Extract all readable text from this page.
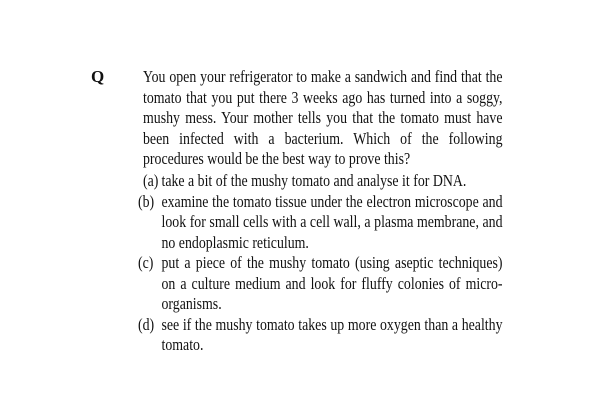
Q You open your refrigerator to make a sandwich and find that the tomato that you put there 3 weeks ago has turned into a soggy, mushy mess. Your mother tells you that the tomato must have been infected with a bacterium. Which of the following procedures would be the best way to prove this?

(a) take a bit of the mushy tomato and analyse it for DNA.
(b) examine the tomato tissue under the electron microscope and look for small cells with a cell wall, a plasma membrane, and no endoplasmic reticulum.
(c) put a piece of the mushy tomato (using aseptic techniques) on a culture medium and look for fluffy colonies of micro-organisms.
(d) see if the mushy tomato takes up more oxygen than a healthy tomato.
